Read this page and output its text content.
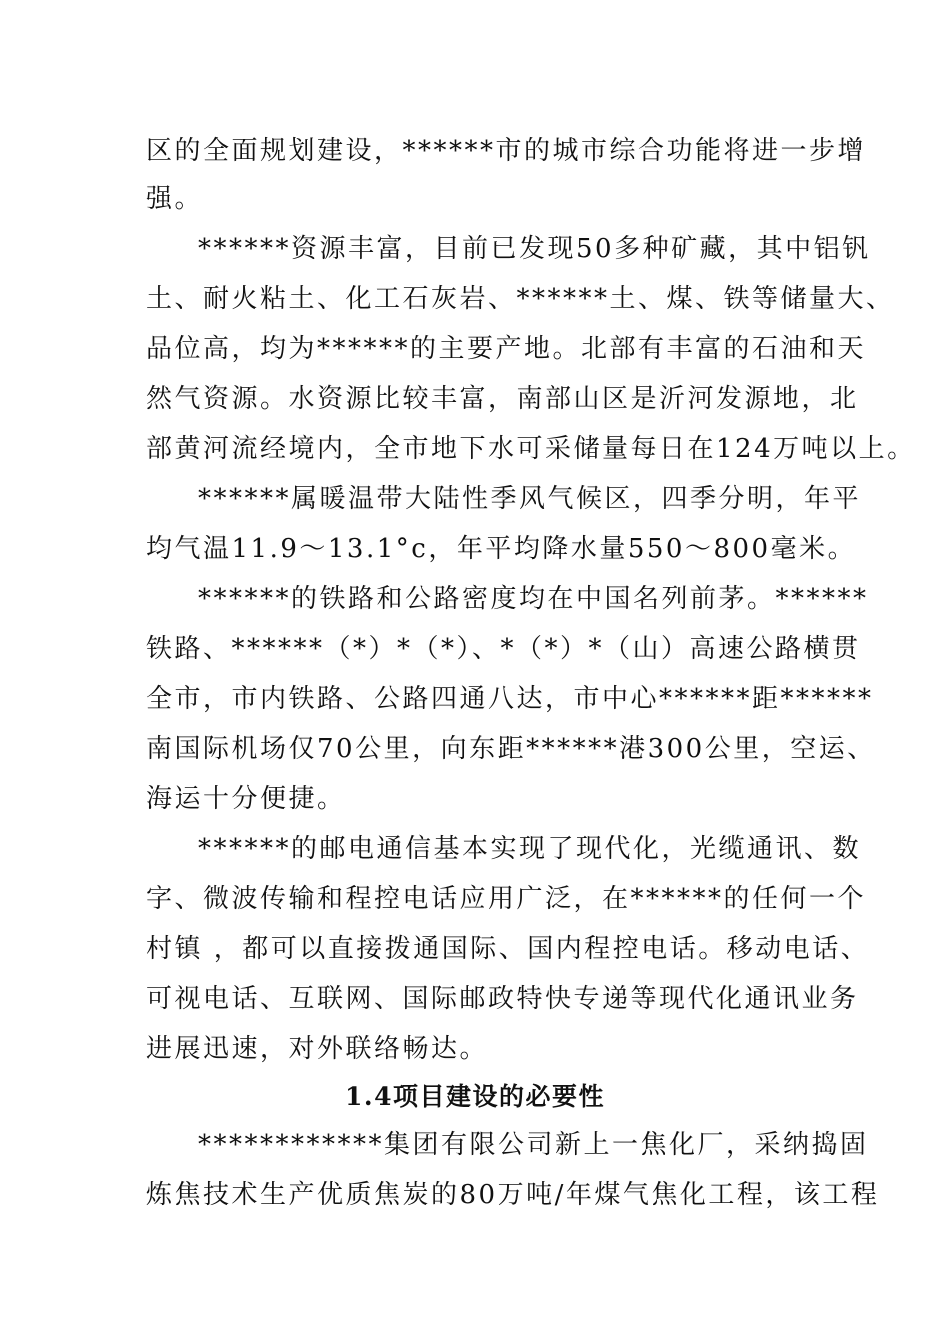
区的全面规划建设，******市的城市综合功能将进一步增
强。
******资源丰富，目前已发现50多种矿藏，其中铝钒
土、耐火粘土、化工石灰岩、******土、煤、铁等储量大、
品位高，均为******的主要产地。北部有丰富的石油和天
然气资源。水资源比较丰富，南部山区是沂河发源地，北
部黄河流经境内，全市地下水可采储量每日在124万吨以上。
******属暖温带大陆性季风气候区，四季分明，年平
均气温11.9～13.1°c，年平均降水量550～800毫米。
******的铁路和公路密度均在中国名列前茅。******
铁路、******（*）*（*）、*（*）*（山）高速公路横贯
全市，市内铁路、公路四通八达，市中心******距******
南国际机场仅70公里，向东距******港300公里，空运、
海运十分便捷。
******的邮电通信基本实现了现代化，光缆通讯、数
字、微波传输和程控电话应用广泛，在******的任何一个
村镇 ，都可以直接拨通国际、国内程控电话。移动电话、
可视电话、互联网、国际邮政特快专递等现代化通讯业务
进展迅速，对外联络畅达。
1.4项目建设的必要性
************集团有限公司新上一焦化厂，采纳捣固
炼焦技术生产优质焦炭的80万吨/年煤气焦化工程，该工程
